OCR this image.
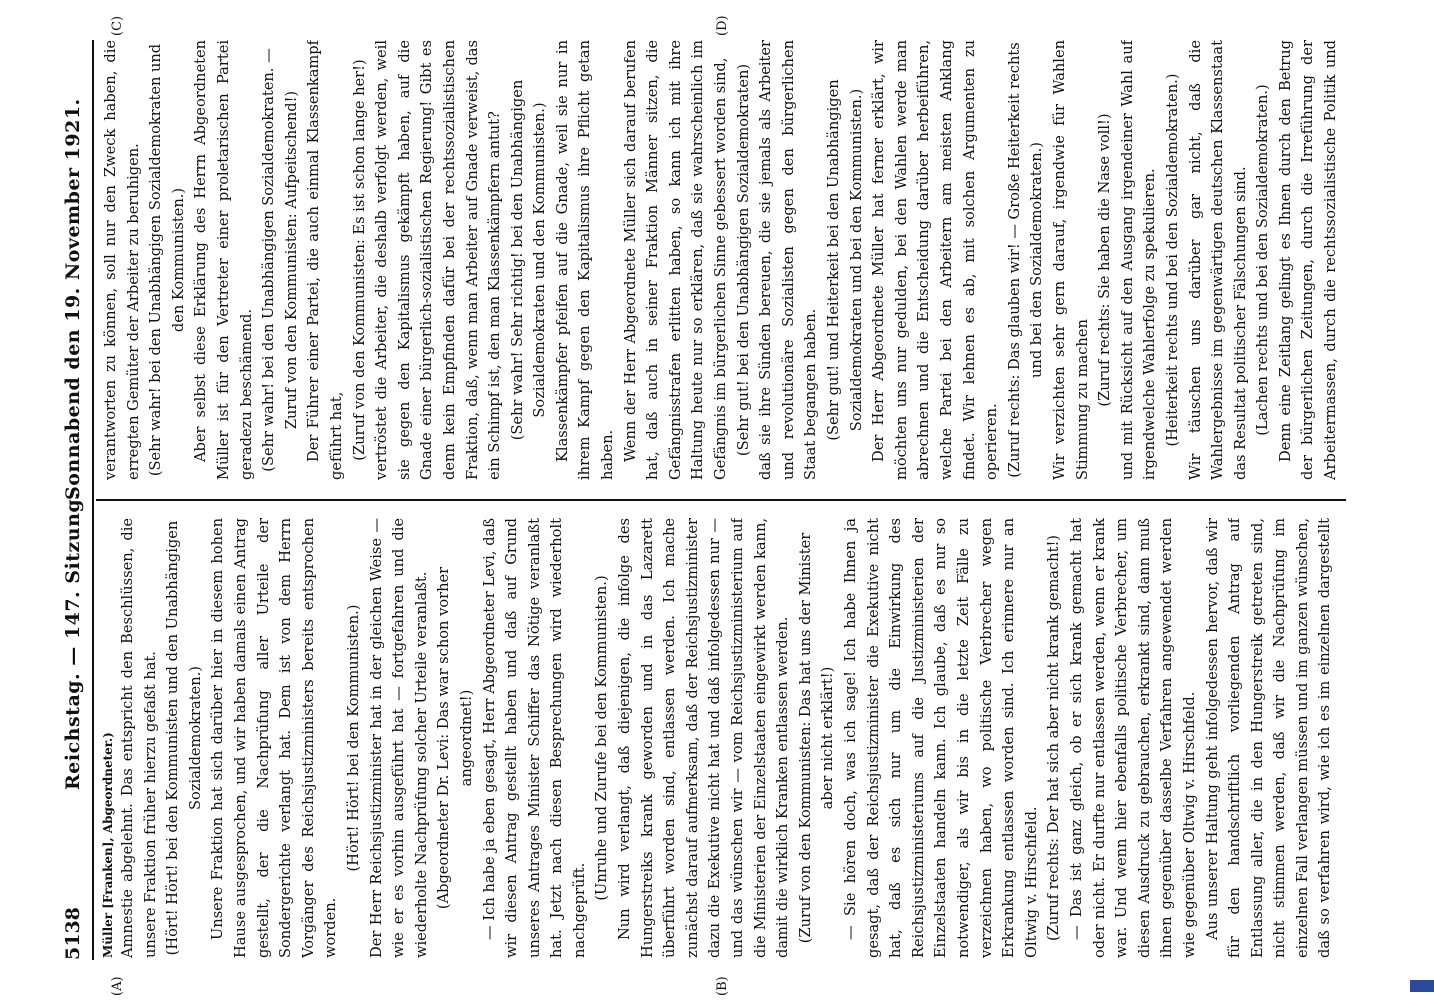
5138
Reichstag. — 147. Sitzung.
Sonnabend den 19. November 1921.
(A)	(B)
(C)	(D)

Müller [Franken], Abgeordneter.) Amnestie abgelehnt. Das entspricht den Beschlüssen, die unsere Fraktion früher hierzu gefaßt hat. (Hört! Hört! bei den Kommunisten und den Unabhängigen Sozialdemokraten.) Unsere Fraktion hat sich darüber hier in diesem hohen Hause ausgesprochen, und wir haben damals einen Antrag gestellt, der die Nachprüfung aller Urteile der Sondergerichte verlangt hat. Dem ist von dem Herrn Vorgänger des Reichsjustizministers bereits entsprochen worden.

(Hört! Hört! bei den Kommunisten.) Der Herr Reichsjustizminister hat in der gleichen Weise — wie er es vorhin ausgeführt hat — fortgefahren und die wiederholte Nachprüfung solcher Urteile veranlaßt. (Abgeordneter Dr. Levi: Das war schon vorher angeordnet!) — Ich habe ja eben gesagt, Herr Abgeordneter Levi, daß wir diesen Antrag gestellt haben und daß auf Grund unseres Antrages Minister Schiffer das Nötige veranlaßt hat. Jetzt nach diesen Besprechungen wird wiederholt nachgeprüft.

(Unruhe und Zurufe bei den Kommunisten.) Nun wird verlangt, daß diejenigen, die infolge des Hungerstreiks krank geworden und in das Lazarett überführt worden sind, entlassen werden. Ich mache zunächst darauf aufmerksam, daß der Reichsjustizminister dazu die Exekutive nicht hat und daß infolgedessen nur — und das wünschen wir — vom Reichsjustizministerium auf die Ministerien der Einzelstaaten eingewirkt werden kann, damit die wirklich Kranken entlassen werden. (Zuruf von den Kommunisten: Das hat uns der Minister aber nicht erklärt!) — Sie hören doch, was ich sage! Ich habe Ihnen ja gesagt, daß der Reichsjustizminister die Exekutive nicht hat, daß es sich nur um die Einwirkung des Reichsjustizministeriums auf die Justizministerien der Einzelstaaten handeln kann. Ich glaube, daß es nur so notwendiger, als wir bis in die letzte Zeit Fälle zu verzeichnen haben, wo politische Verbrecher wegen Erkrankung entlassen worden sind. Ich erinnere nur an Oltwig v. Hirschfeld. (Zuruf rechts: Der hat sich aber nicht krank gemacht!) — Das ist ganz gleich, ob er sich krank gemacht hat oder nicht. Er durfte nur entlassen werden, wenn er krank war. Und wenn hier ebenfalls politische Verbrecher, um diesen Ausdruck zu gebrauchen, erkrankt sind, dann muß ihnen gegenüber dasselbe Verfahren angewendet werden wie gegenüber Oltwig v. Hirschfeld. Aus unserer Haltung geht infolgedessen hervor, daß wir für den handschriftlich vorliegenden Antrag auf Entlassung aller, die in den Hungerstreik getreten sind, nicht stimmen werden, daß wir die Nachprüfung im einzelnen Fall verlangen müssen und im ganzen wünschen, daß so verfahren wird, wie ich es im einzelnen dargestellt

verantworten zu können, soll nur den Zweck haben, die erregten Gemüter der Arbeiter zu beruhigen. (Sehr wahr! bei den Unabhängigen Sozialdemokraten und den Kommunisten.) Aber selbst diese Erklärung des Herrn Abgeordneten Müller ist für den Vertreter einer proletarischen Partei geradezu beschämend. (Sehr wahr! bei den Unabhängigen Sozialdemokraten. — Zuruf von den Kommunisten: Aufpeitschend!) Der Führer einer Partei, die auch einmal Klassenkampf geführt hat, (Zuruf von den Kommunisten: Es ist schon lange her!) vertröstet die Arbeiter, die deshalb verfolgt werden, weil sie gegen den Kapitalismus gekämpft haben, auf die Gnade einer bürgerlich-sozialistischen Regierung! Gibt es denn kein Empfinden dafür bei der rechtssozialistischen Fraktion, daß, wenn man Arbeiter auf Gnade verweist, das ein Schimpf ist, den man Klassenkämpfern antut? (Sehr wahr! Sehr richtig! bei den Unabhängigen Sozialdemokraten und den Kommunisten.) Klassenkämpfer pfeifen auf die Gnade, weil sie nur in ihrem Kampf gegen den Kapitalismus ihre Pflicht getan haben. Wenn der Herr Abgeordnete Müller sich darauf berufen hat, daß auch in seiner Fraktion Männer sitzen, die Gefängnisstrafen erlitten haben, so kann ich mit ihre Haltung heute nur so erklären, daß sie wahrscheinlich im Gefängnis im bürgerlichen Sinne gebessert worden sind, (Sehr gut! bei den Unabhängigen Sozialdemokraten) daß sie ihre Sünden bereuen, die sie jemals als Arbeiter und revolutionäre Sozialisten gegen den bürgerlichen Staat begangen haben. (Sehr gut! und Heiterkeit bei den Unabhängigen Sozialdemokraten und bei den Kommunisten.) Der Herr Abgeordnete Müller hat ferner erklärt, wir möchten uns nur gedulden, bei den Wahlen werde man abrechnen und die Entscheidung darüber herbeiführen, welche Partei bei den Arbeitern am meisten Anklang findet. Wir lehnen es ab, mit solchen Argumenten zu operieren. (Zuruf rechts: Das glauben wir! — Große Heiterkeit rechts und bei den Sozialdemokraten.) Wir verzichten sehr gern darauf, irgendwie für Wahlen Stimmung zu machen (Zuruf rechts: Sie haben die Nase voll!) und mit Rücksicht auf den Ausgang irgendeiner Wahl auf irgendwelche Wahlerfolge zu spekulieren. (Heiterkeit rechts und bei den Sozialdemokraten.) Wir täuschen uns darüber gar nicht, daß die Wahlergebnisse im gegenwärtigen deutschen Klassenstaat das Resultat politischer Fälschungen sind. (Lachen rechts und bei den Sozialdemokraten.)

Denn eine Zeitlang gelingt es Ihnen durch den Betrug der bürgerlichen Zeitungen, durch die Irreführung der Arbeitermassen, durch die rechtssozialistische Politik und
